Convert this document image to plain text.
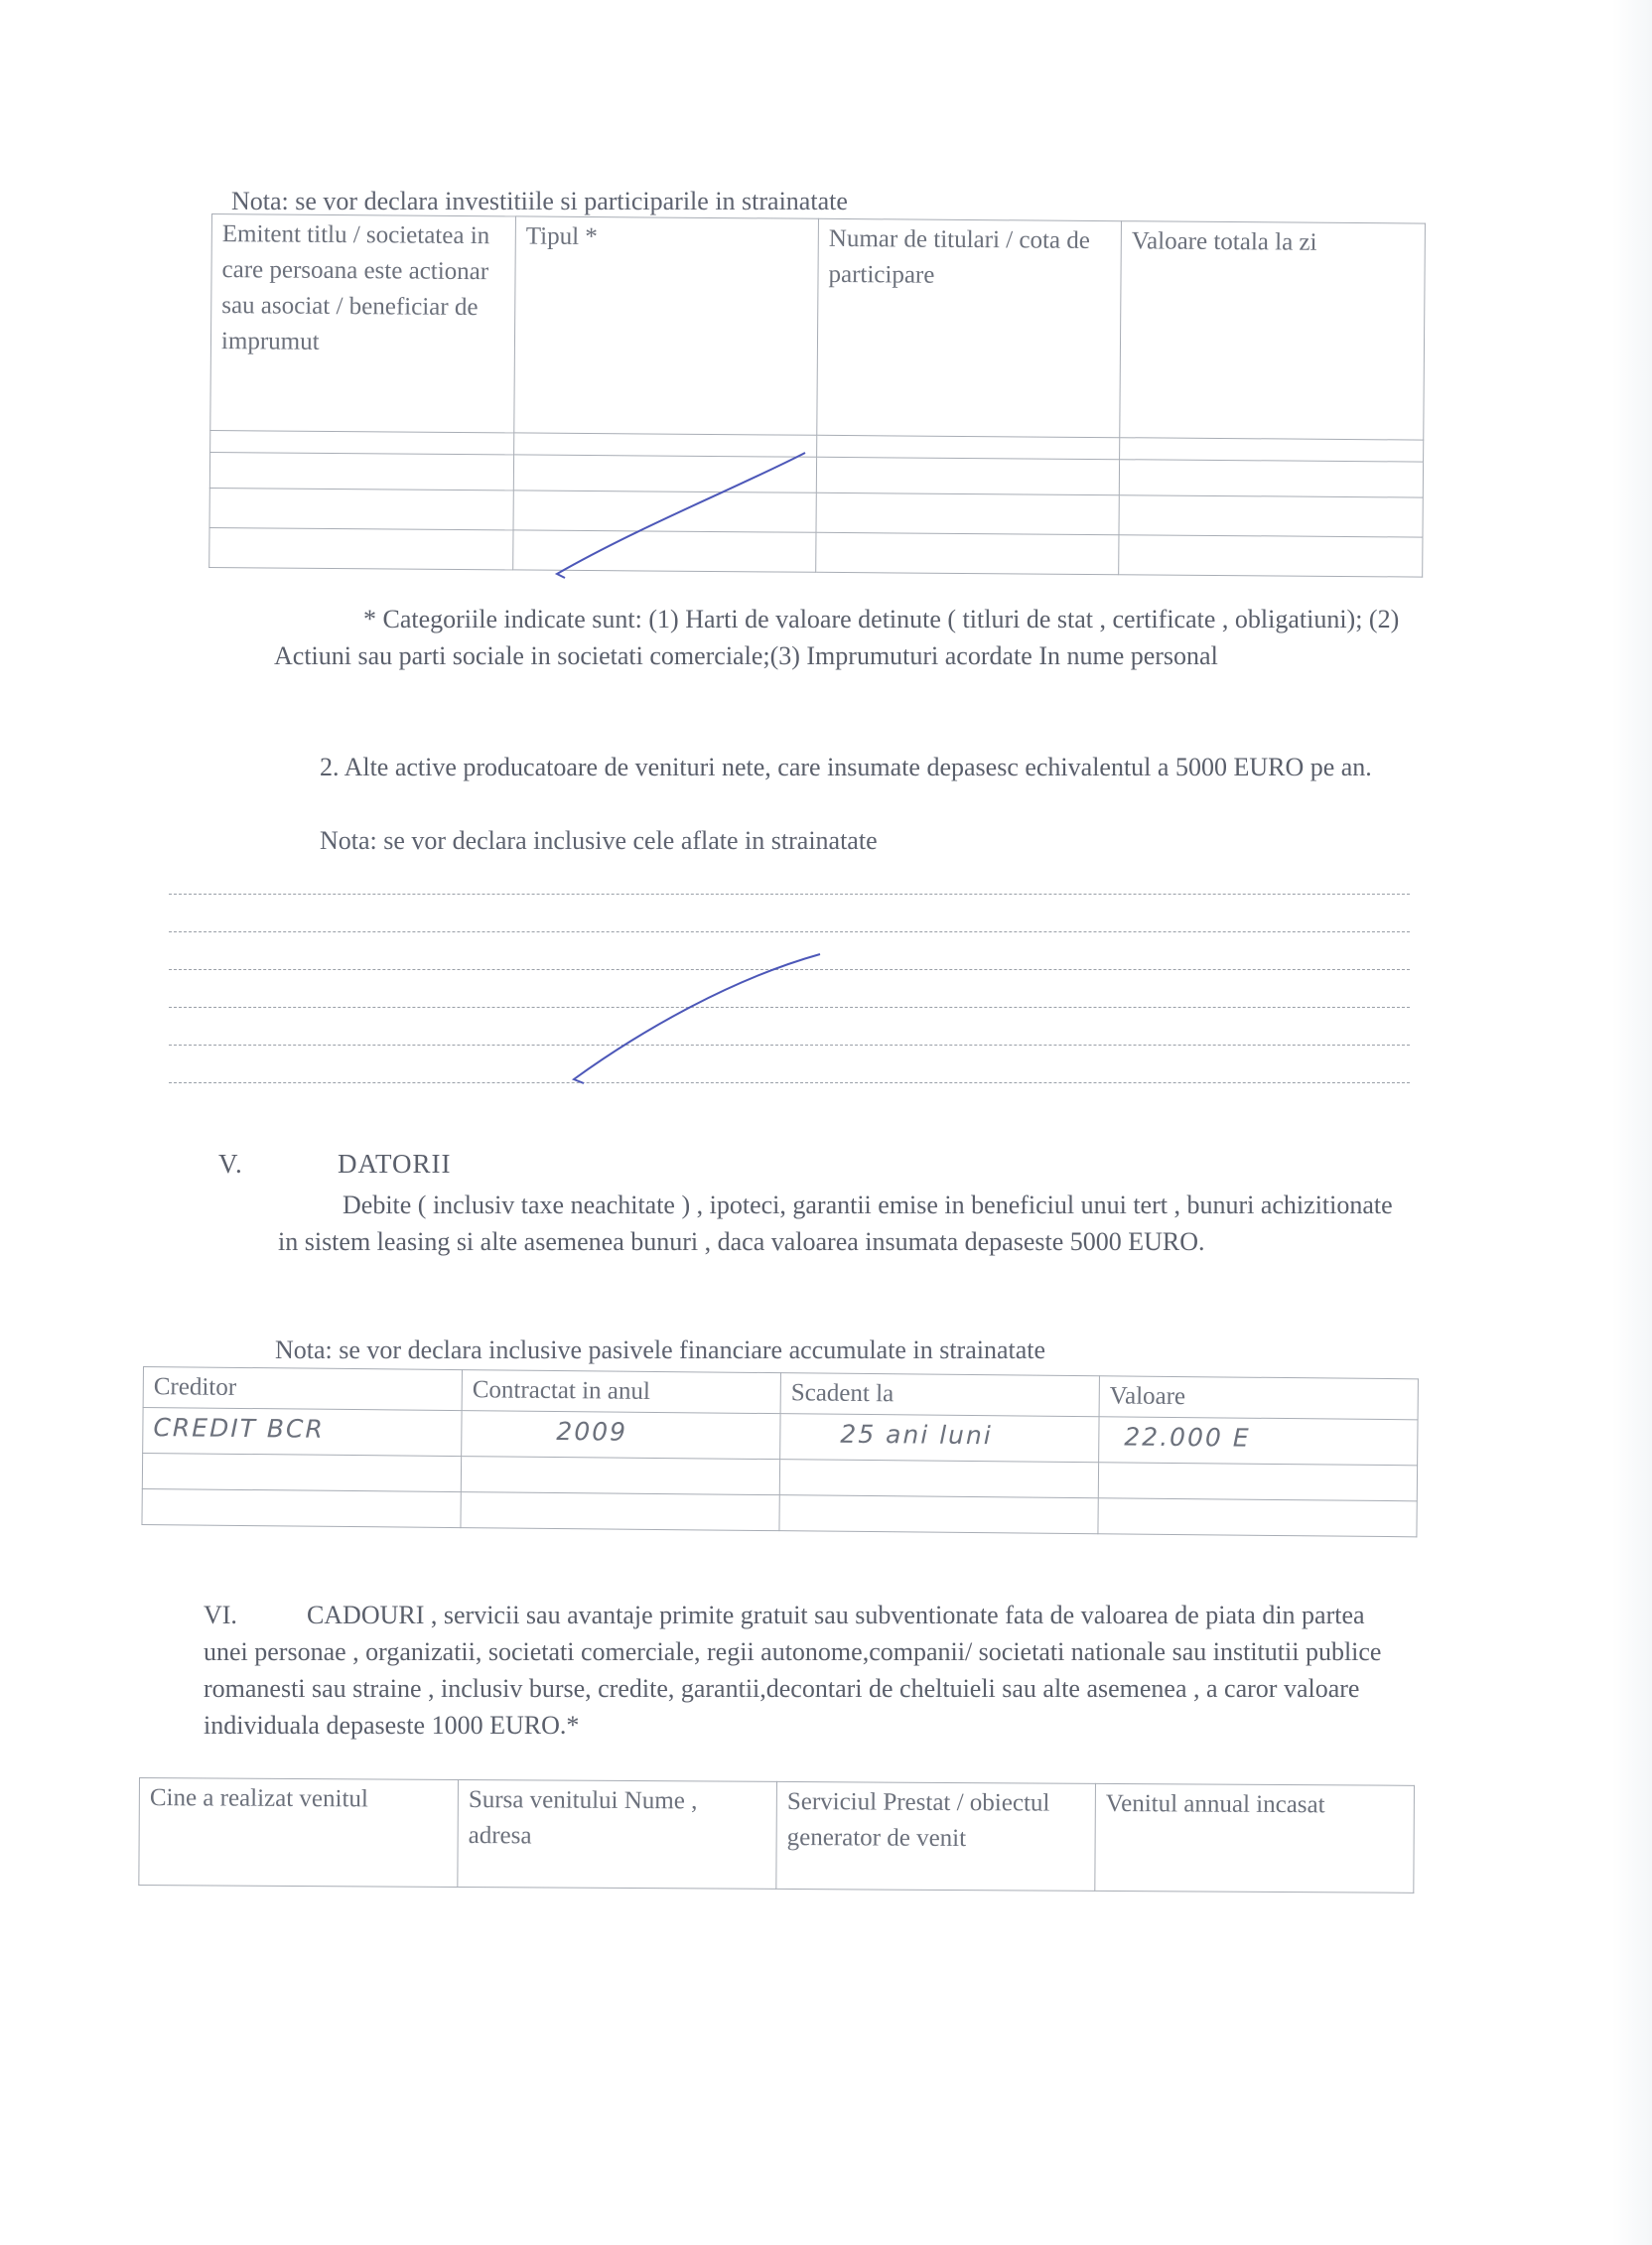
Nota: se vor declara investitiile si participarile in strainatate
Emitent titlu / societatea in care persoana este actionar sau asociat / beneficiar de imprumut	Tipul *	Numar de titulari / cota de participare	Valoare totala la zi

* Categoriile indicate sunt: (1) Harti de valoare detinute ( titluri de stat , certificate , obligatiuni); (2) Actiuni sau parti sociale in societati comerciale;(3) Imprumuturi acordate In nume personal
2. Alte active producatoare de venituri nete, care insumate depasesc echivalentul a 5000 EURO pe an.
Nota: se vor declara inclusive cele aflate in strainatate
V.	DATORII
Debite ( inclusiv taxe neachitate ) , ipoteci, garantii emise in beneficiul unui tert , bunuri achizitionate in sistem leasing si alte asemenea bunuri , daca valoarea insumata depaseste 5000 EURO.
Nota: se vor declara inclusive pasivele financiare accumulate in strainatate
Creditor	Contractat in anul	Scadent la	Valoare
CREDIT BCR	2009	25 ani luni	22.000 E

VI.	CADOURI , servicii sau avantaje primite gratuit sau subventionate fata de valoarea de piata din partea unei personae , organizatii, societati comerciale, regii autonome,companii/ societati nationale sau institutii publice romanesti sau straine , inclusiv burse, credite, garantii,decontari de cheltuieli sau alte asemenea , a caror valoare individuala depaseste 1000 EURO.*
Cine a realizat venitul	Sursa venitului Nume , adresa	Serviciul Prestat / obiectul generator de venit	Venitul annual incasat
